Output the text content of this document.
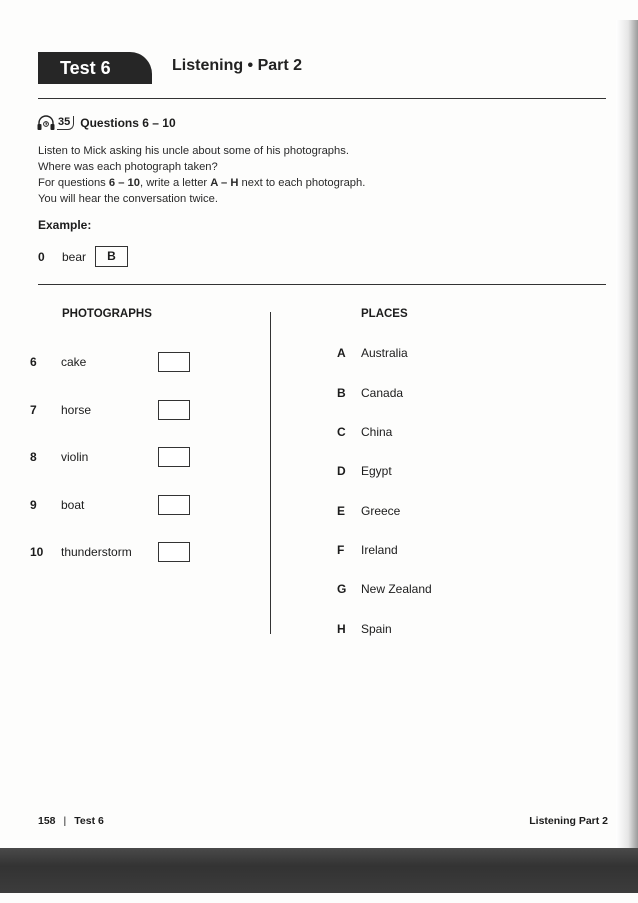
Test 6	Listening • Part 2
35 Questions 6 – 10
Listen to Mick asking his uncle about some of his photographs.
Where was each photograph taken?
For questions 6 – 10, write a letter A – H next to each photograph.
You will hear the conversation twice.
Example:
0	bear	B
PHOTOGRAPHS	PLACES
6	cake
7	horse
8	violin
9	boat
10	thunderstorm
A	Australia
B	Canada
C	China
D	Egypt
E	Greece
F	Ireland
G	New Zealand
H	Spain
158 | Test 6	Listening Part 2
